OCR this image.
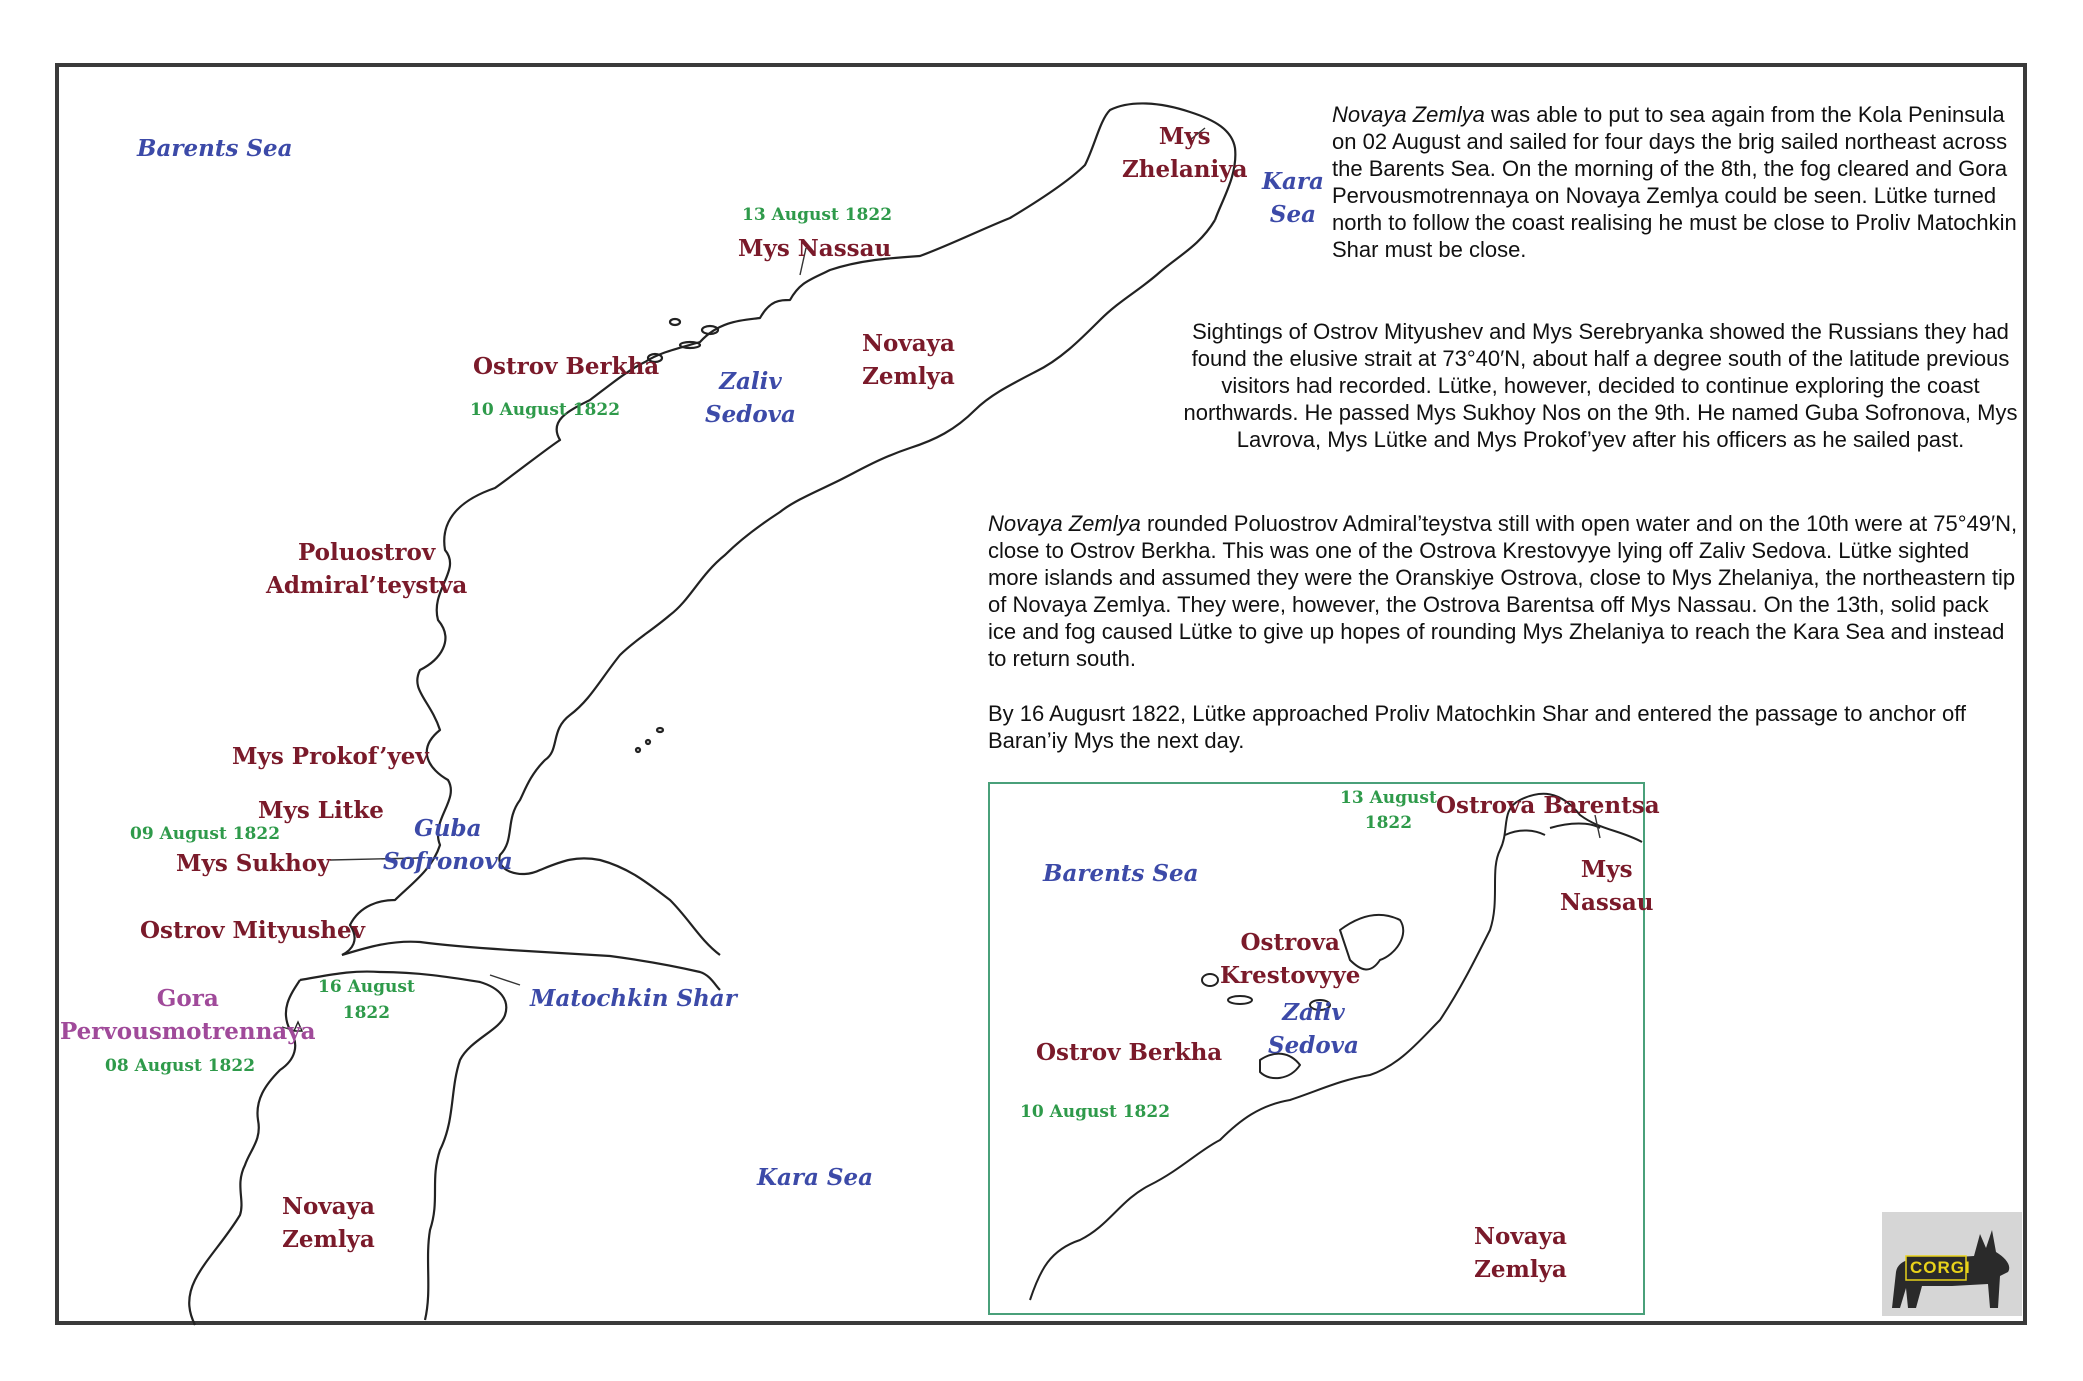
Barents Sea
Kara
Sea
Mys
Zhelaniya
13 August 1822
Mys Nassau
Novaya
Zemlya
Ostrov Berkha
10 August 1822
Zaliv
Sedova
Poluostrov
Admiral’teystva
Mys Prokof’yev
Mys Litke
09 August 1822
Mys Sukhoy
Guba
Sofronova
Ostrov Mityushev
Gora
Pervousmotrennaya
08 August 1822
16 August
1822
Matochkin Shar
Kara Sea
Novaya
Zemlya

Novaya Zemlya was able to put to sea again from the Kola Peninsula on 02 August and sailed for four days the brig sailed northeast across the Barents Sea. On the morning of the 8th, the fog cleared and Gora Pervousmotrennaya on Novaya Zemlya could be seen. Lütke turned north to follow the coast realising he must be close to Proliv Matochkin Shar must be close.

Sightings of Ostrov Mityushev and Mys Serebryanka showed the Russians they had found the elusive strait at 73°40′N, about half a degree south of the latitude previous visitors had recorded. Lütke, however, decided to continue exploring the coast northwards. He passed Mys Sukhoy Nos on the 9th. He named Guba Sofronova, Mys Lavrova, Mys Lütke and Mys Prokof’yev after his officers as he sailed past.

Novaya Zemlya rounded Poluostrov Admiral’teystva still with open water and on the 10th were at 75°49′N, close to Ostrov Berkha. This was one of the Ostrova Krestovyye lying off Zaliv Sedova. Lütke sighted more islands and assumed they were the Oranskiye Ostrova, close to Mys Zhelaniya, the northeastern tip of Novaya Zemlya. They were, however, the Ostrova Barentsa off Mys Nassau. On the 13th, solid pack ice and fog caused Lütke to give up hopes of rounding Mys Zhelaniya to reach the Kara Sea and instead to return south.

By 16 Augusrt 1822, Lütke approached Proliv Matochkin Shar and entered the passage to anchor off Baran’iy Mys the next day.

13 August
1822
Ostrova Barentsa
Mys
Nassau
Barents Sea
Ostrova
Krestovyye
Zaliv
Sedova
Ostrov Berkha
10 August 1822
Novaya
Zemlya	CORGI
